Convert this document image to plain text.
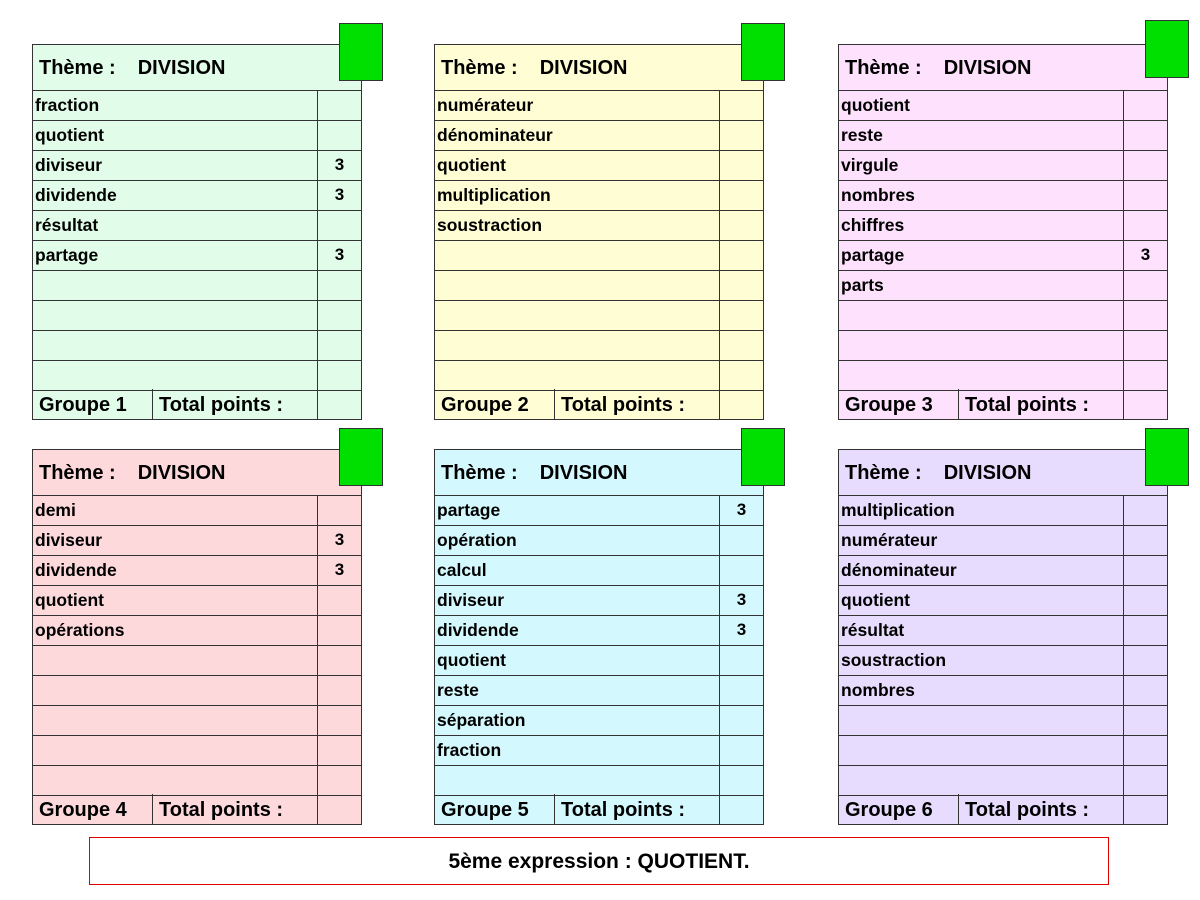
Thème : DIVISION
fraction
quotient
diviseur	3
dividende	3
résultat
partage	3
Groupe 1	Total points :
Thème : DIVISION
numérateur
dénominateur
quotient
multiplication
soustraction
Groupe 2	Total points :
Thème : DIVISION
quotient
reste
virgule
nombres
chiffres
partage	3
parts
Groupe 3	Total points :
Thème : DIVISION
demi
diviseur	3
dividende	3
quotient
opérations
Groupe 4	Total points :
Thème : DIVISION
partage	3
opération
calcul
diviseur	3
dividende	3
quotient
reste
séparation
fraction
Groupe 5	Total points :
Thème : DIVISION
multiplication
numérateur
dénominateur
quotient
résultat
soustraction
nombres
Groupe 6	Total points :
5ème expression : QUOTIENT.
